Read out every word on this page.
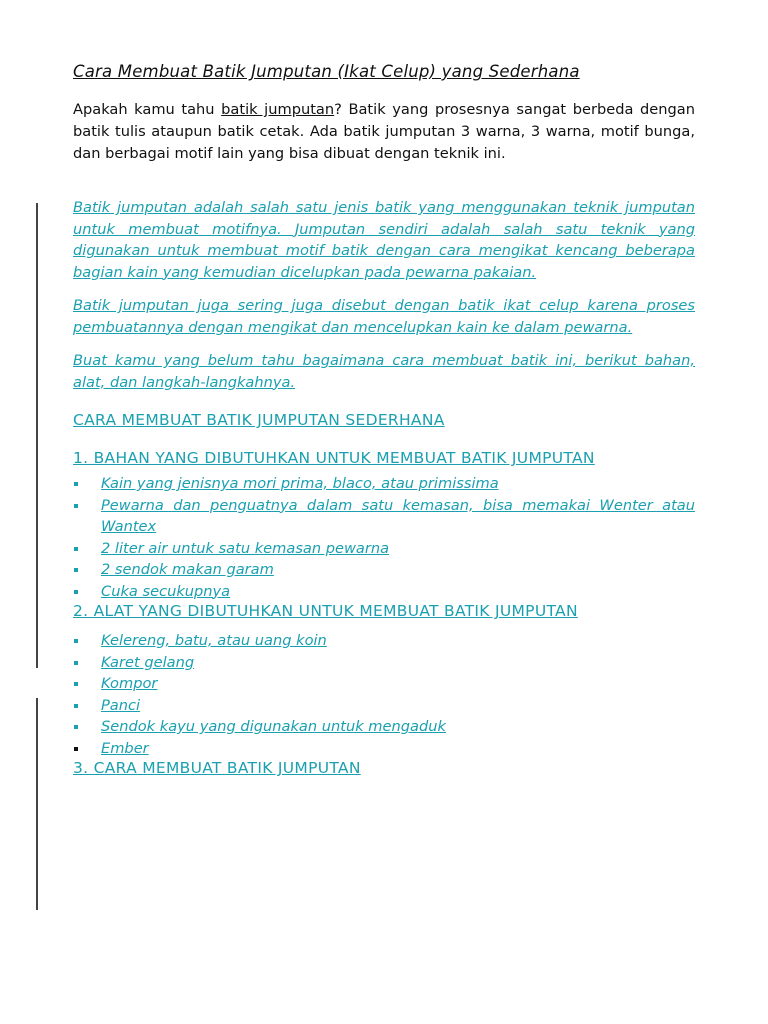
Cara Membuat Batik Jumputan (Ikat Celup) yang Sederhana

Apakah kamu tahu batik jumputan? Batik yang prosesnya sangat berbeda dengan batik tulis ataupun batik cetak. Ada batik jumputan 3 warna, 3 warna, motif bunga, dan berbagai motif lain yang bisa dibuat dengan teknik ini.

Batik jumputan adalah salah satu jenis batik yang menggunakan teknik jumputan untuk membuat motifnya. Jumputan sendiri adalah salah satu teknik yang digunakan untuk membuat motif batik dengan cara mengikat kencang beberapa bagian kain yang kemudian dicelupkan pada pewarna pakaian.

Batik jumputan juga sering juga disebut dengan batik ikat celup karena proses pembuatannya dengan mengikat dan mencelupkan kain ke dalam pewarna.

Buat kamu yang belum tahu bagaimana cara membuat batik ini, berikut bahan, alat, dan langkah-langkahnya.

CARA MEMBUAT BATIK JUMPUTAN SEDERHANA
1. BAHAN YANG DIBUTUHKAN UNTUK MEMBUAT BATIK JUMPUTAN
Kain yang jenisnya mori prima, blaco, atau primissima
Pewarna dan penguatnya dalam satu kemasan, bisa memakai Wenter atau Wantex
2 liter air untuk satu kemasan pewarna
2 sendok makan garam
Cuka secukupnya
2. ALAT YANG DIBUTUHKAN UNTUK MEMBUAT BATIK JUMPUTAN
Kelereng, batu, atau uang koin
Karet gelang
Kompor
Panci
Sendok kayu yang digunakan untuk mengaduk
Ember
3. CARA MEMBUAT BATIK JUMPUTAN
